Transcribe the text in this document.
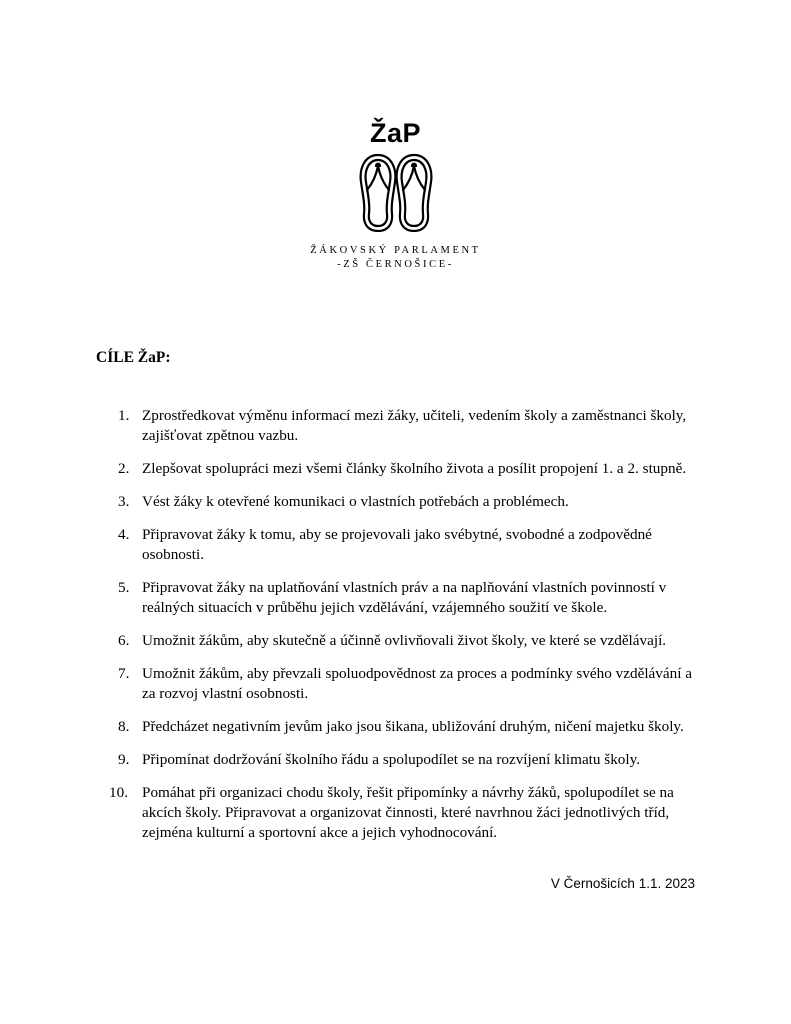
ŽaP
ŽÁKOVSKÝ PARLAMENT
-ZŠ ČERNOŠICE-
CÍLE ŽaP:
1. Zprostředkovat výměnu informací mezi žáky, učiteli, vedením školy a zaměstnanci školy, zajišťovat zpětnou vazbu.
2. Zlepšovat spolupráci mezi všemi články školního života a posílit propojení 1. a 2. stupně.
3. Vést žáky k otevřené komunikaci o vlastních potřebách a problémech.
4. Připravovat žáky k tomu, aby se projevovali jako svébytné, svobodné a zodpovědné osobnosti.
5. Připravovat žáky na uplatňování vlastních práv a na naplňování vlastních povinností v reálných situacích v průběhu jejich vzdělávání, vzájemného soužití ve škole.
6. Umožnit žákům, aby skutečně a účinně ovlivňovali život školy, ve které se vzdělávají.
7. Umožnit žákům, aby převzali spoluodpovědnost za proces a podmínky svého vzdělávání a za rozvoj vlastní osobnosti.
8. Předcházet negativním jevům jako jsou šikana, ubližování druhým, ničení majetku školy.
9. Připomínat dodržování školního řádu a spolupodílet se na rozvíjení klimatu školy.
10. Pomáhat při organizaci chodu školy, řešit připomínky a návrhy žáků, spolupodílet se na akcích školy. Připravovat a organizovat činnosti, které navrhnou žáci jednotlivých tříd, zejména kulturní a sportovní akce a jejich vyhodnocování.
V Černošicích 1.1. 2023
